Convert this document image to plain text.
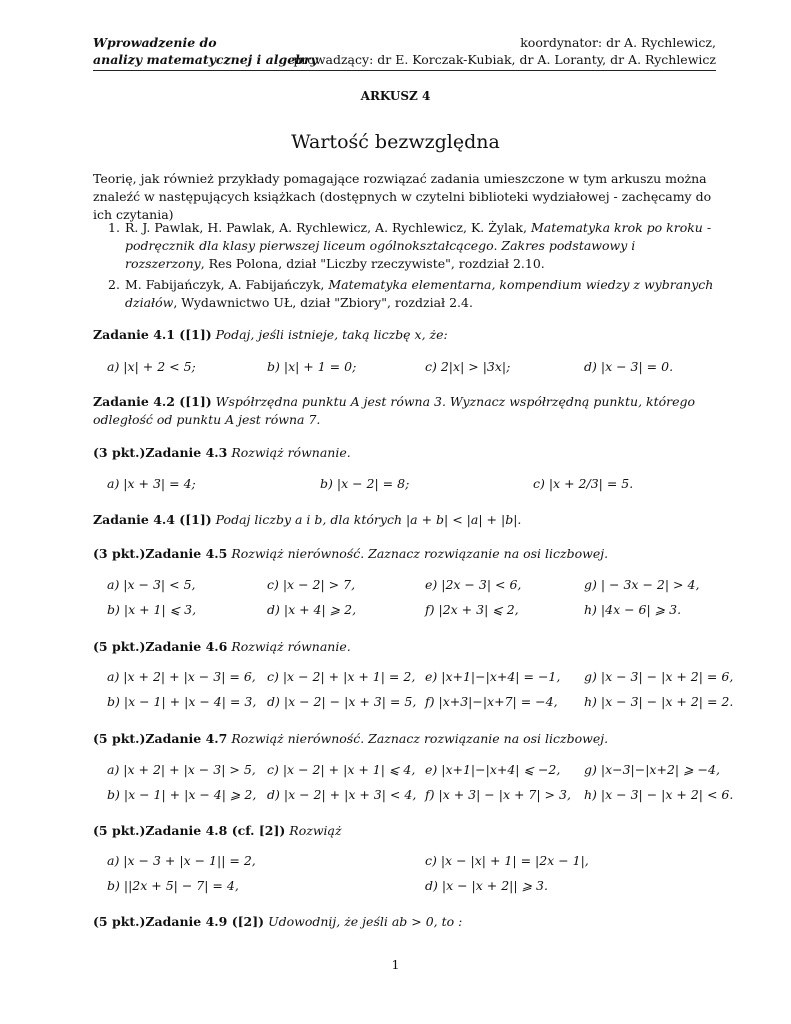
Wprowadzenie do
analizy matematycznej i algebry
koordynator: dr A. Rychlewicz,
prowadzący: dr E. Korczak-Kubiak, dr A. Loranty, dr A. Rychlewicz
ARKUSZ 4
Wartość bezwzględna
Teorię, jak również przykłady pomagające rozwiązać zadania umieszczone w tym arkuszu można znaleźć w następujących książkach (dostępnych w czytelni biblioteki wydziałowej - zachęcamy do ich czytania)
1. R. J. Pawlak, H. Pawlak, A. Rychlewicz, A. Rychlewicz, K. Żylak, Matematyka krok po kroku - podręcznik dla klasy pierwszej liceum ogólnokształcącego. Zakres podstawowy i rozszerzony, Res Polona, dział "Liczby rzeczywiste", rozdział 2.10.
2. M. Fabijańczyk, A. Fabijańczyk, Matematyka elementarna, kompendium wiedzy z wybranych działów, Wydawnictwo UŁ, dział "Zbiory", rozdział 2.4.
Zadanie 4.1 ([1]) Podaj, jeśli istnieje, taką liczbę x, że:
a) |x| + 2 < 5;	b) |x| + 1 = 0;	c) 2|x| > |3x|;	d) |x − 3| = 0.
Zadanie 4.2 ([1]) Współrzędna punktu A jest równa 3. Wyznacz współrzędną punktu, którego odległość od punktu A jest równa 7.
(3 pkt.)Zadanie 4.3 Rozwiąż równanie.
a) |x + 3| = 4;	b) |x − 2| = 8;	c) |x + 2/3| = 5.
Zadanie 4.4 ([1]) Podaj liczby a i b, dla których |a + b| < |a| + |b|.
(3 pkt.)Zadanie 4.5 Rozwiąż nierówność. Zaznacz rozwiązanie na osi liczbowej.
a) |x − 3| < 5,	c) |x − 2| > 7,	e) |2x − 3| < 6,	g) | − 3x − 2| > 4,
b) |x + 1| ⩽ 3,	d) |x + 4| ⩾ 2,	f) |2x + 3| ⩽ 2,	h) |4x − 6| ⩾ 3.
(5 pkt.)Zadanie 4.6 Rozwiąż równanie.
a) |x + 2| + |x − 3| = 6, c) |x − 2| + |x + 1| = 2, e) |x+1|−|x+4| = −1, g) |x − 3| − |x + 2| = 6,
b) |x − 1| + |x − 4| = 3, d) |x − 2| − |x + 3| = 5, f) |x+3|−|x+7| = −4, h) |x − 3| − |x + 2| = 2.
(5 pkt.)Zadanie 4.7 Rozwiąż nierówność. Zaznacz rozwiązanie na osi liczbowej.
a) |x + 2| + |x − 3| > 5, c) |x − 2| + |x + 1| ⩽ 4, e) |x+1|−|x+4| ⩽ −2, g) |x−3|−|x+2| ⩾ −4,
b) |x − 1| + |x − 4| ⩾ 2, d) |x − 2| + |x + 3| < 4, f) |x + 3| − |x + 7| > 3, h) |x − 3| − |x + 2| < 6.
(5 pkt.)Zadanie 4.8 (cf. [2]) Rozwiąż
a) |x − 3 + |x − 1|| = 2,	c) |x − |x| + 1| = |2x − 1|,
b) ||2x + 5| − 7| = 4,	d) |x − |x + 2|| ⩾ 3.
(5 pkt.)Zadanie 4.9 ([2]) Udowodnij, że jeśli ab > 0, to :
1
